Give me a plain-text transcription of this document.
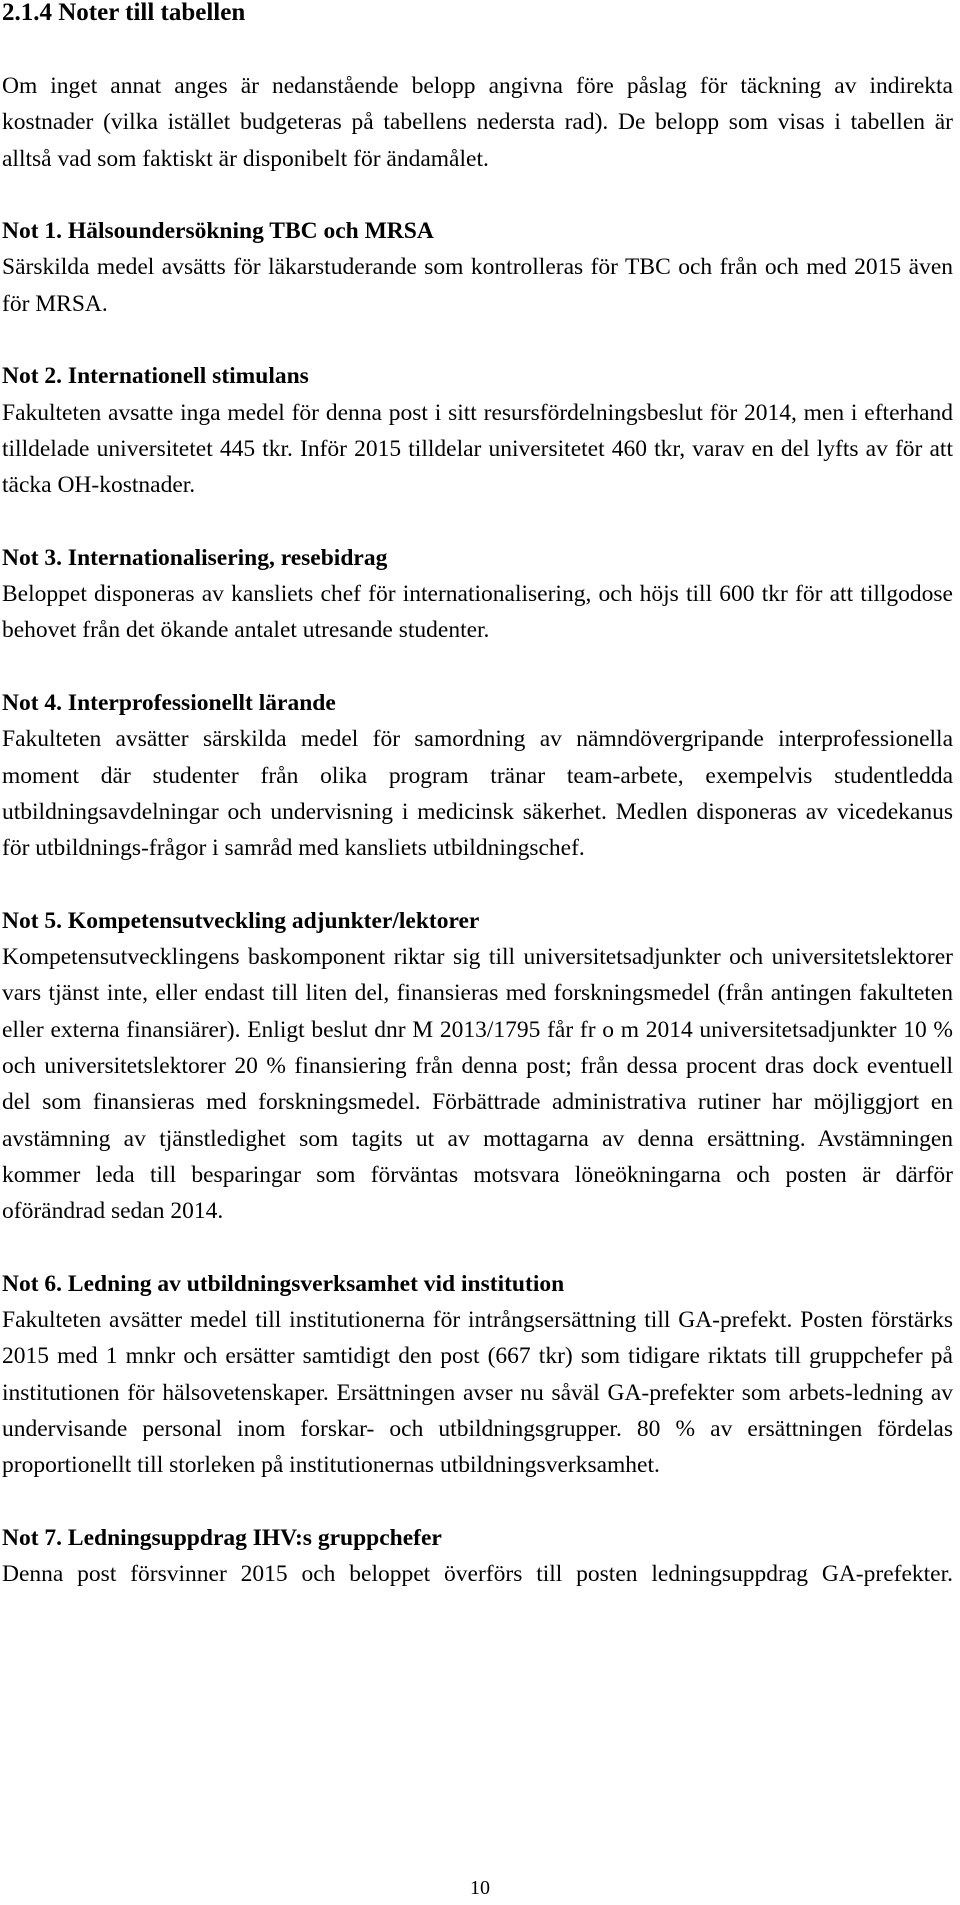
2.1.4 Noter till tabellen

Om inget annat anges är nedanstående belopp angivna före påslag för täckning av indirekta kostnader (vilka istället budgeteras på tabellens nedersta rad). De belopp som visas i tabellen är alltså vad som faktiskt är disponibelt för ändamålet.

Not 1. Hälsoundersökning TBC och MRSA

Särskilda medel avsätts för läkarstuderande som kontrolleras för TBC och från och med 2015 även för MRSA.

Not 2. Internationell stimulans

Fakulteten avsatte inga medel för denna post i sitt resursfördelningsbeslut för 2014, men i efterhand tilldelade universitetet 445 tkr. Inför 2015 tilldelar universitetet 460 tkr, varav en del lyfts av för att täcka OH-kostnader.

Not 3. Internationalisering, resebidrag

Beloppet disponeras av kansliets chef för internationalisering, och höjs till 600 tkr för att tillgodose behovet från det ökande antalet utresande studenter.

Not 4. Interprofessionellt lärande

Fakulteten avsätter särskilda medel för samordning av nämndövergripande interprofessionella moment där studenter från olika program tränar team-arbete, exempelvis studentledda utbildningsavdelningar och undervisning i medicinsk säkerhet. Medlen disponeras av vicedekanus för utbildnings-frågor i samråd med kansliets utbildningschef.

Not 5. Kompetensutveckling adjunkter/lektorer

Kompetensutvecklingens baskomponent riktar sig till universitetsadjunkter och universitetslektorer vars tjänst inte, eller endast till liten del, finansieras med forskningsmedel (från antingen fakulteten eller externa finansiärer). Enligt beslut dnr M 2013/1795 får fr o m 2014 universitetsadjunkter 10 % och universitetslektorer 20 % finansiering från denna post; från dessa procent dras dock eventuell del som finansieras med forskningsmedel. Förbättrade administrativa rutiner har möjliggjort en avstämning av tjänstledighet som tagits ut av mottagarna av denna ersättning. Avstämningen kommer leda till besparingar som förväntas motsvara löneökningarna och posten är därför oförändrad sedan 2014.

Not 6. Ledning av utbildningsverksamhet vid institution

Fakulteten avsätter medel till institutionerna för intrångsersättning till GA-prefekt. Posten förstärks 2015 med 1 mnkr och ersätter samtidigt den post (667 tkr) som tidigare riktats till gruppchefer på institutionen för hälsovetenskaper. Ersättningen avser nu såväl GA-prefekter som arbets-ledning av undervisande personal inom forskar- och utbildningsgrupper. 80 % av ersättningen fördelas proportionellt till storleken på institutionernas utbildningsverksamhet.

Not 7. Ledningsuppdrag IHV:s gruppchefer

Denna post försvinner 2015 och beloppet överförs till posten ledningsuppdrag GA-prefekter.

10
